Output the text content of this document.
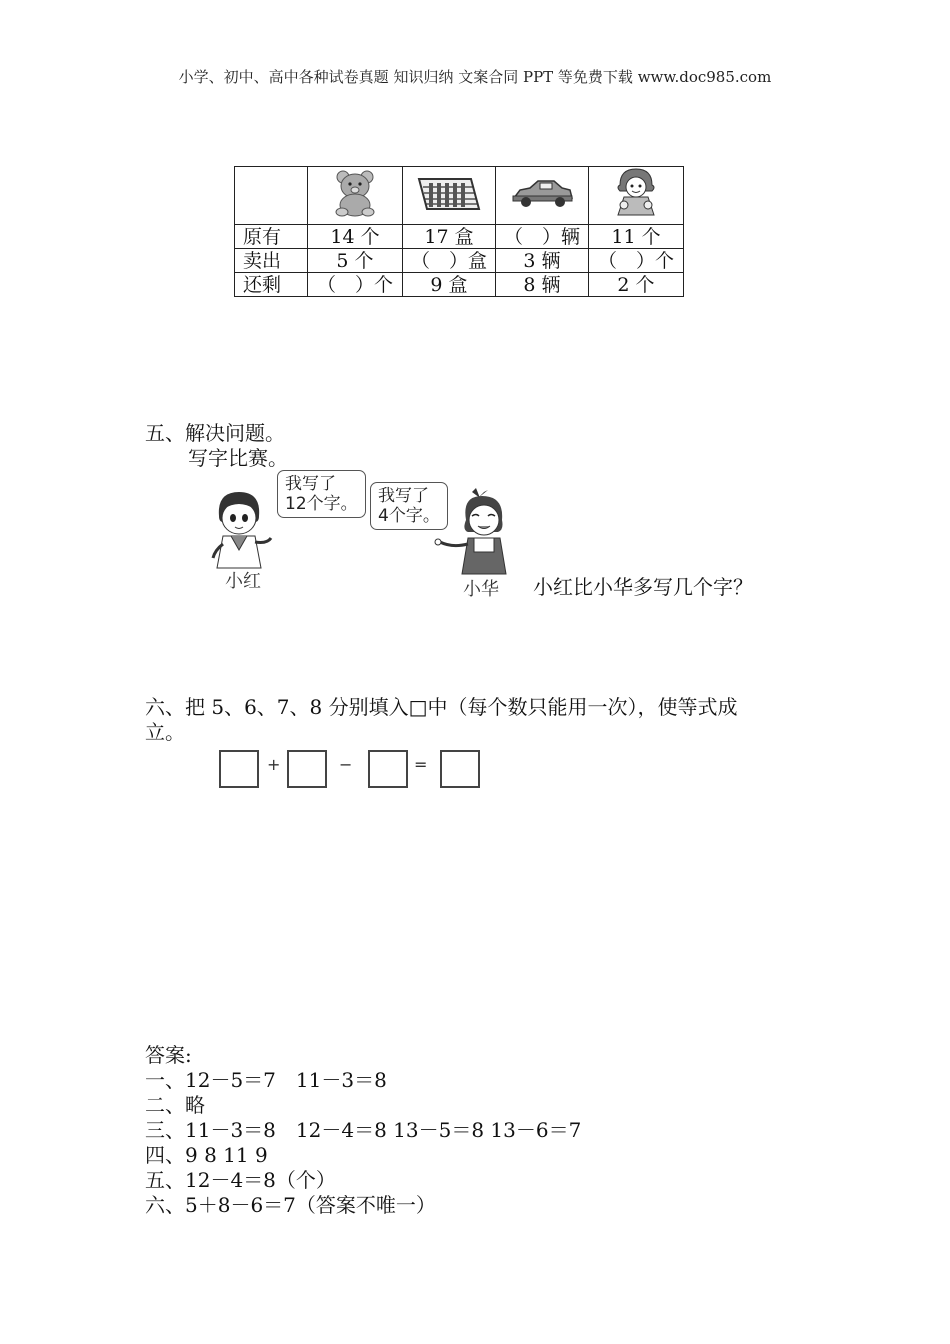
小学、初中、高中各种试卷真题 知识归纳 文案合同 PPT 等免费下载 www.doc985.com

原有	14 个	17 盒	（　）辆	11 个
卖出	5 个	（　）盒	3 辆	（　）个
还剩	（　）个	9 盒	8 辆	2 个
五、解决问题。
写字比赛。
我写了
12个字。
小红
我写了
4个字。
小华 小红比小华多写几个字？
六、把 5、6、7、8 分别填入□中（每个数只能用一次），使等式成
立。
+	−	=
答案:
一、12－5＝7　11－3＝8
二、略
三、11－3＝8　12－4＝8 13－5＝8 13－6＝7
四、9 8 11 9
五、12－4＝8（个）
六、5＋8－6＝7（答案不唯一）
